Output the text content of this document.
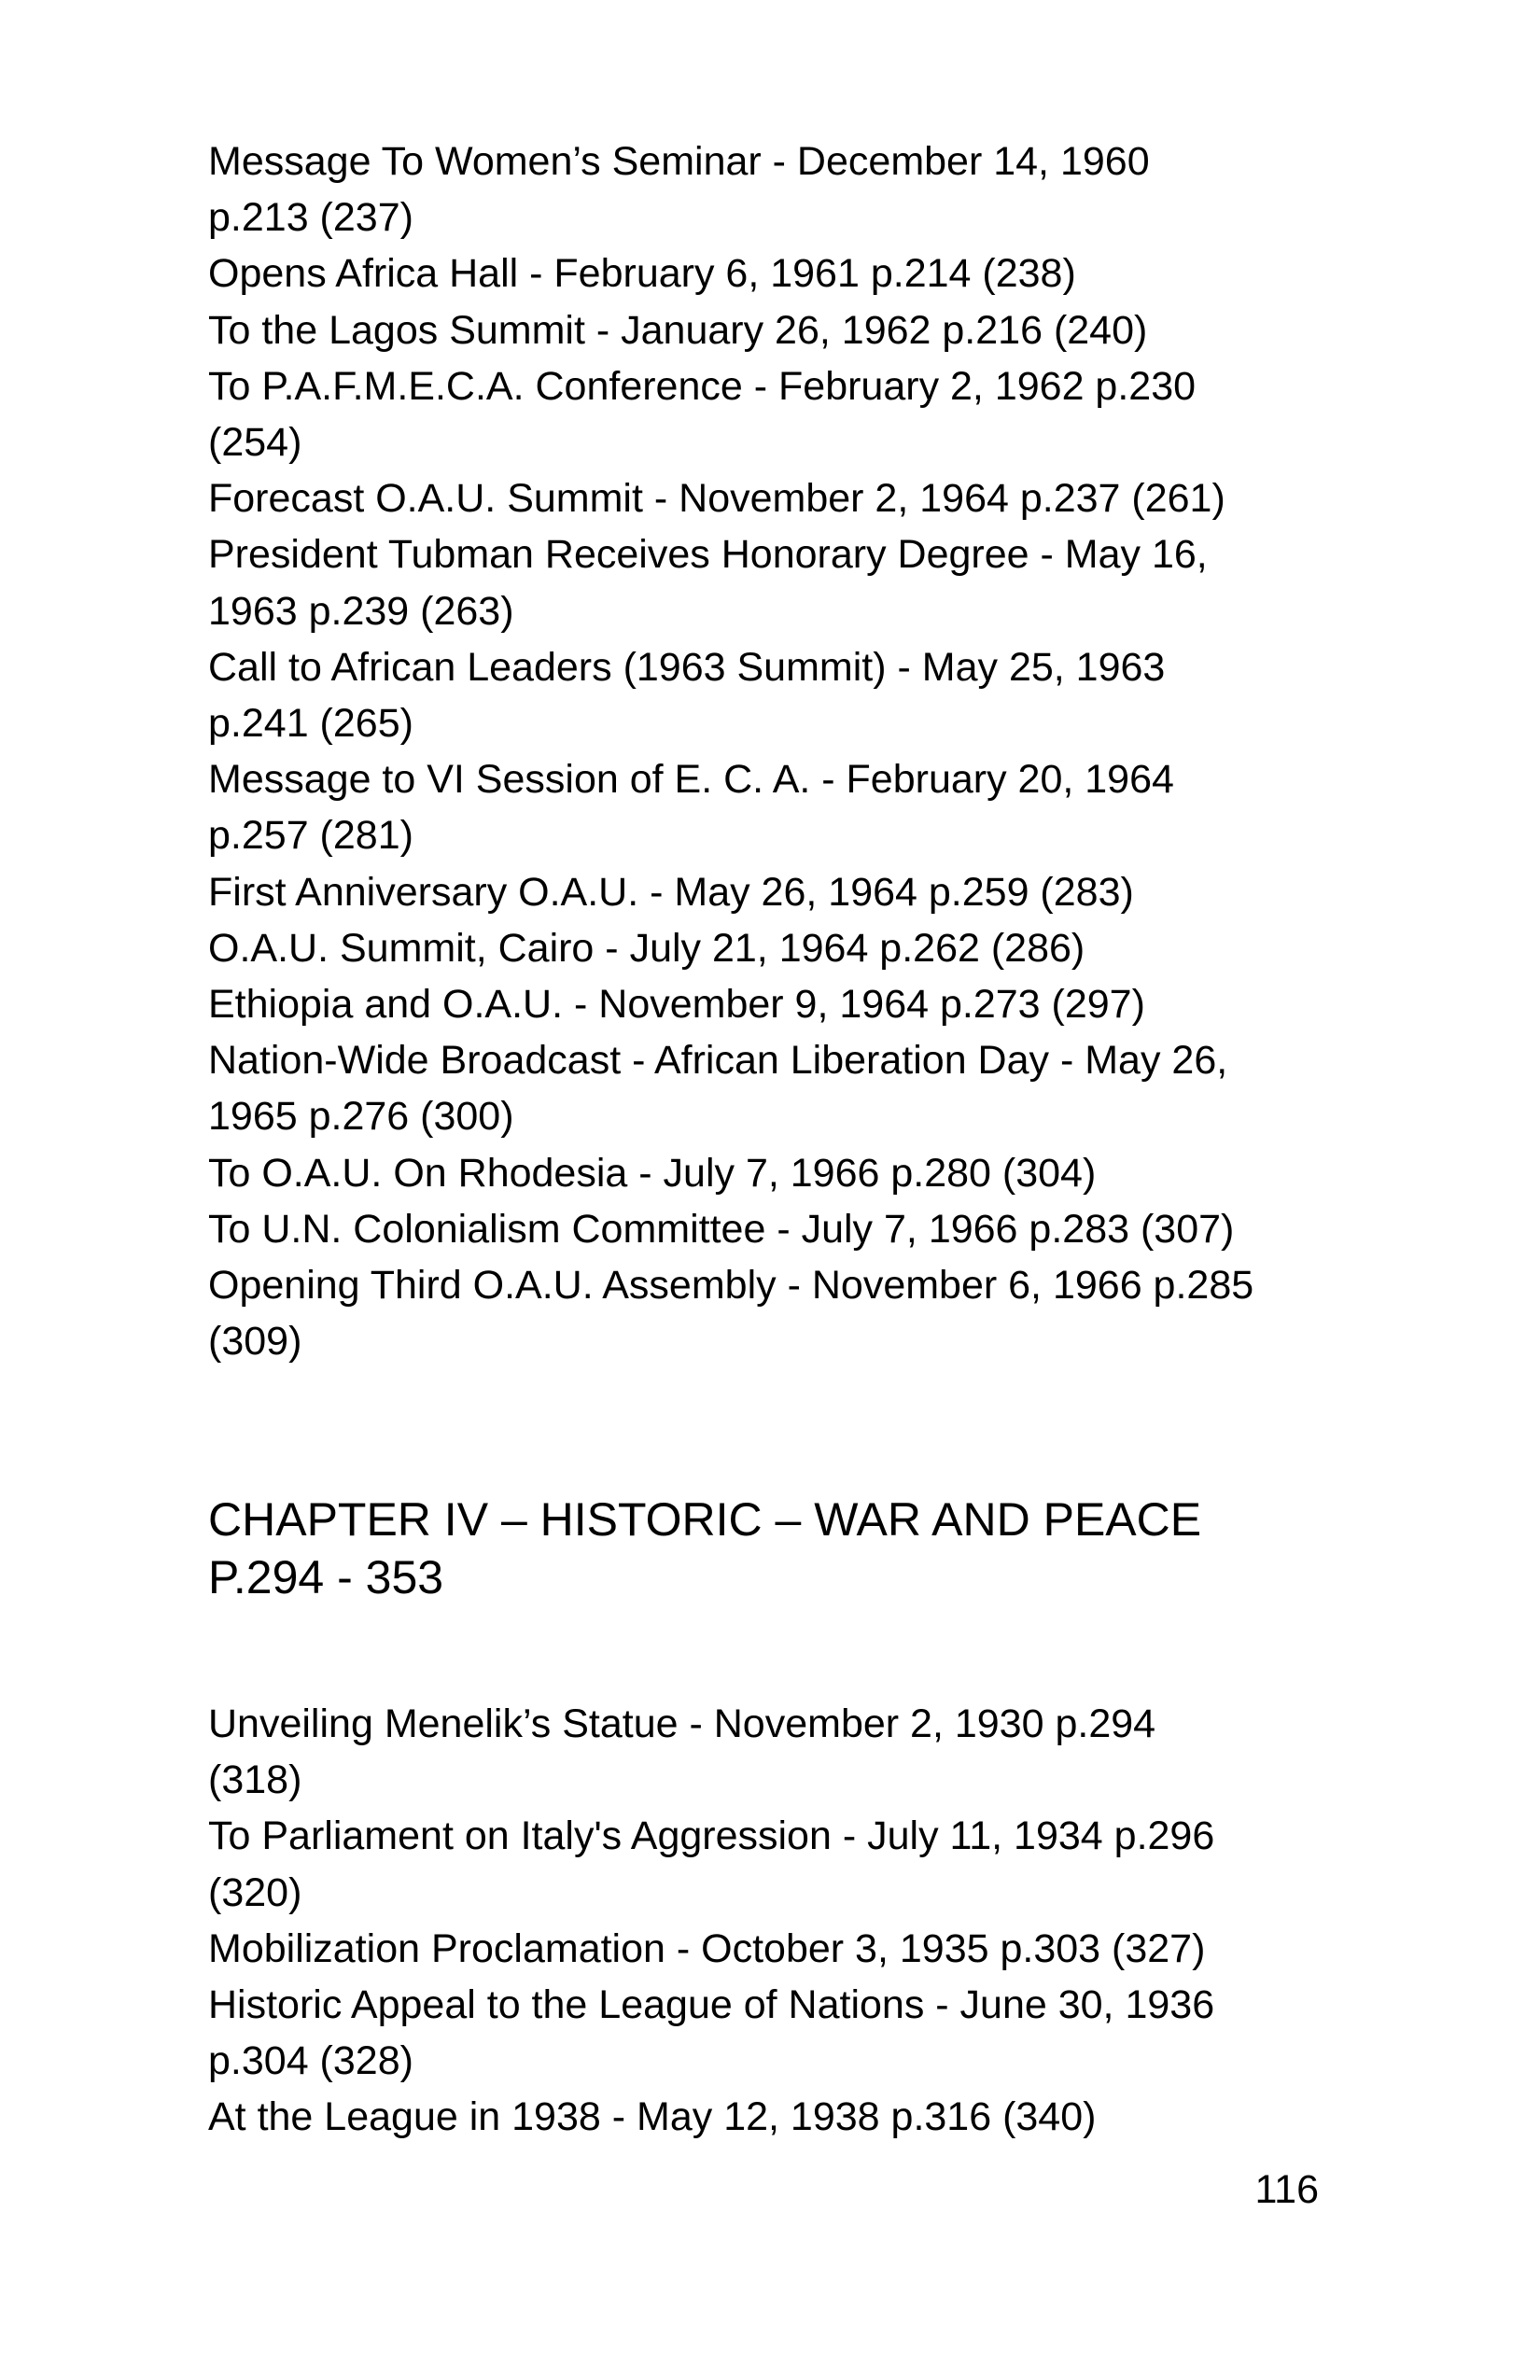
Message To Women’s Seminar - December 14, 1960
p.213 (237)
Opens Africa Hall - February 6, 1961 p.214 (238)
To the Lagos Summit - January 26, 1962 p.216 (240)
To P.A.F.M.E.C.A. Conference - February 2, 1962 p.230
(254)
Forecast O.A.U. Summit - November 2, 1964 p.237 (261)
President Tubman Receives Honorary Degree - May 16,
1963 p.239 (263)
Call to African Leaders (1963 Summit) - May 25, 1963
p.241 (265)
Message to VI Session of E. C. A. - February 20, 1964
p.257 (281)
First Anniversary O.A.U. - May 26, 1964 p.259 (283)
O.A.U. Summit, Cairo - July 21, 1964 p.262 (286)
Ethiopia and O.A.U. - November 9, 1964 p.273 (297)
Nation-Wide Broadcast - African Liberation Day - May 26,
1965 p.276 (300)
To O.A.U. On Rhodesia - July 7, 1966 p.280 (304)
To U.N. Colonialism Committee - July 7, 1966 p.283 (307)
Opening Third O.A.U. Assembly - November 6, 1966 p.285
(309)
CHAPTER IV – HISTORIC – WAR AND PEACE
P.294 - 353
Unveiling Menelik’s Statue - November 2, 1930 p.294
(318)
To Parliament on Italy's Aggression - July 11, 1934 p.296
(320)
Mobilization Proclamation - October 3, 1935 p.303 (327)
Historic Appeal to the League of Nations - June 30, 1936
p.304 (328)
At the League in 1938 - May 12, 1938 p.316 (340)
116
